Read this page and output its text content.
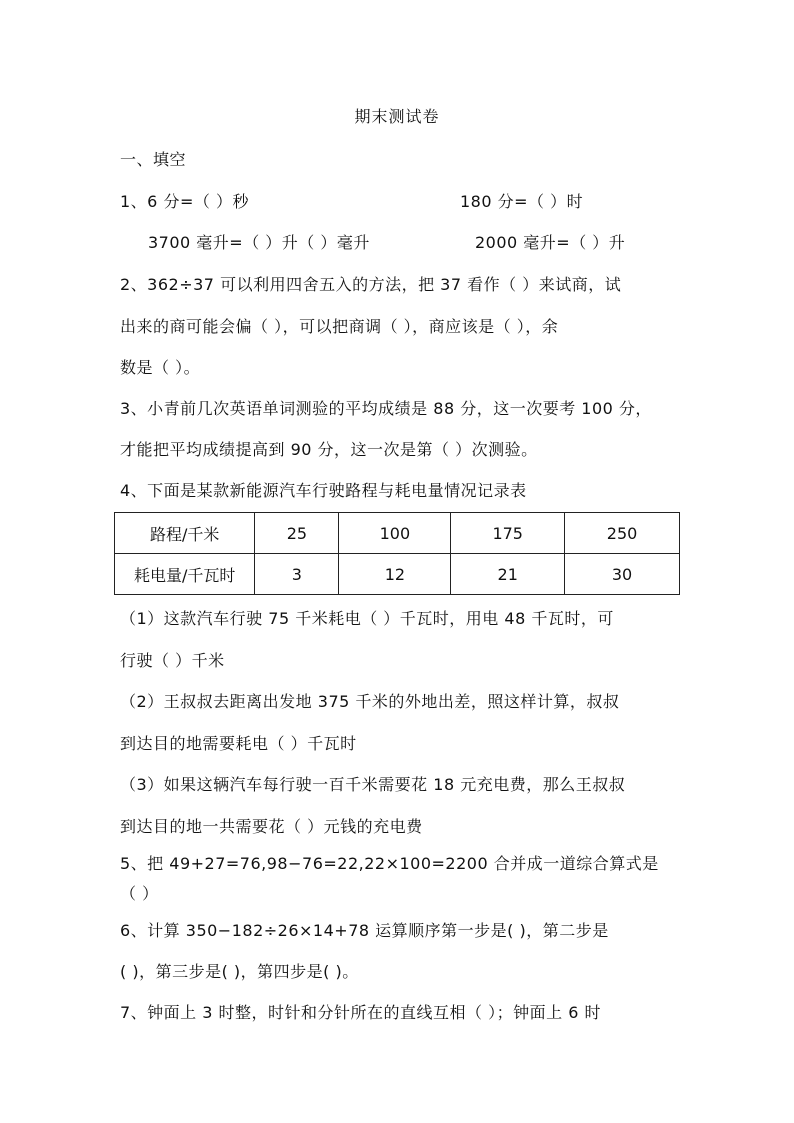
期末测试卷
一、填空
1、6 分=（ ）秒	180 分=（ ）时
3700 毫升=（ ）升（ ）毫升	2000 毫升=（ ）升
2、362÷37 可以利用四舍五入的方法，把 37 看作（ ）来试商，试
出来的商可能会偏（ ），可以把商调（ ），商应该是（ ），余
数是（ ）。
3、小青前几次英语单词测验的平均成绩是 88 分，这一次要考 100 分，
才能把平均成绩提高到 90 分，这一次是第（ ）次测验。
4、下面是某款新能源汽车行驶路程与耗电量情况记录表
路程/千米	25	100	175	250
耗电量/千瓦时	3	12	21	30
（1）这款汽车行驶 75 千米耗电（ ）千瓦时，用电 48 千瓦时，可
行驶（ ）千米
（2）王叔叔去距离出发地 375 千米的外地出差，照这样计算，叔叔
到达目的地需要耗电（ ）千瓦时
（3）如果这辆汽车每行驶一百千米需要花 18 元充电费，那么王叔叔
到达目的地一共需要花（ ）元钱的充电费
5、把 49+27=76,98−76=22,22×100=2200 合并成一道综合算式是
（ ）
6、计算 350−182÷26×14+78 运算顺序第一步是( )，第二步是
( )，第三步是( )，第四步是( )。
7、钟面上 3 时整，时针和分针所在的直线互相（ ）；钟面上 6 时
